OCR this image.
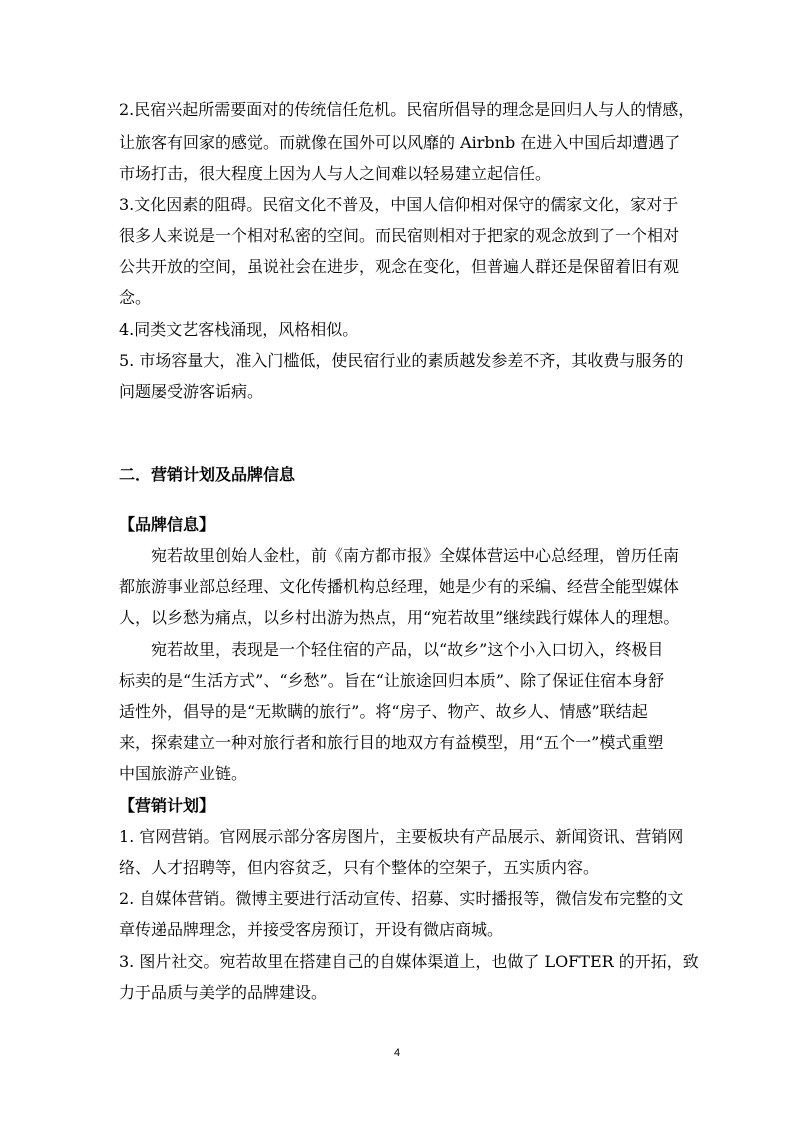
2.民宿兴起所需要面对的传统信任危机。民宿所倡导的理念是回归人与人的情感，

让旅客有回家的感觉。而就像在国外可以风靡的 Airbnb 在进入中国后却遭遇了

市场打击，很大程度上因为人与人之间难以轻易建立起信任。

3.文化因素的阻碍。民宿文化不普及，中国人信仰相对保守的儒家文化，家对于

很多人来说是一个相对私密的空间。而民宿则相对于把家的观念放到了一个相对

公共开放的空间，虽说社会在进步，观念在变化，但普遍人群还是保留着旧有观

念。

4.同类文艺客栈涌现，风格相似。

5. 市场容量大，准入门槛低，使民宿行业的素质越发参差不齐，其收费与服务的

问题屡受游客诟病。

二．营销计划及品牌信息

【品牌信息】

宛若故里创始人金杜，前《南方都市报》全媒体营运中心总经理，曾历任南

都旅游事业部总经理、文化传播机构总经理，她是少有的采编、经营全能型媒体

人，以乡愁为痛点，以乡村出游为热点，用“宛若故里”继续践行媒体人的理想。

宛若故里，表现是一个轻住宿的产品，以“故乡”这个小入口切入，终极目

标卖的是“生活方式”、“乡愁”。旨在“让旅途回归本质”、除了保证住宿本身舒

适性外，倡导的是“无欺瞒的旅行”。将“房子、物产、故乡人、情感”联结起

来，探索建立一种对旅行者和旅行目的地双方有益模型，用“五个一”模式重塑

中国旅游产业链。

【营销计划】

1. 官网营销。官网展示部分客房图片，主要板块有产品展示、新闻资讯、营销网

络、人才招聘等，但内容贫乏，只有个整体的空架子，五实质内容。

2. 自媒体营销。微博主要进行活动宣传、招募、实时播报等，微信发布完整的文

章传递品牌理念，并接受客房预订，开设有微店商城。

3. 图片社交。宛若故里在搭建自己的自媒体渠道上，也做了 LOFTER 的开拓，致

力于品质与美学的品牌建设。

4
